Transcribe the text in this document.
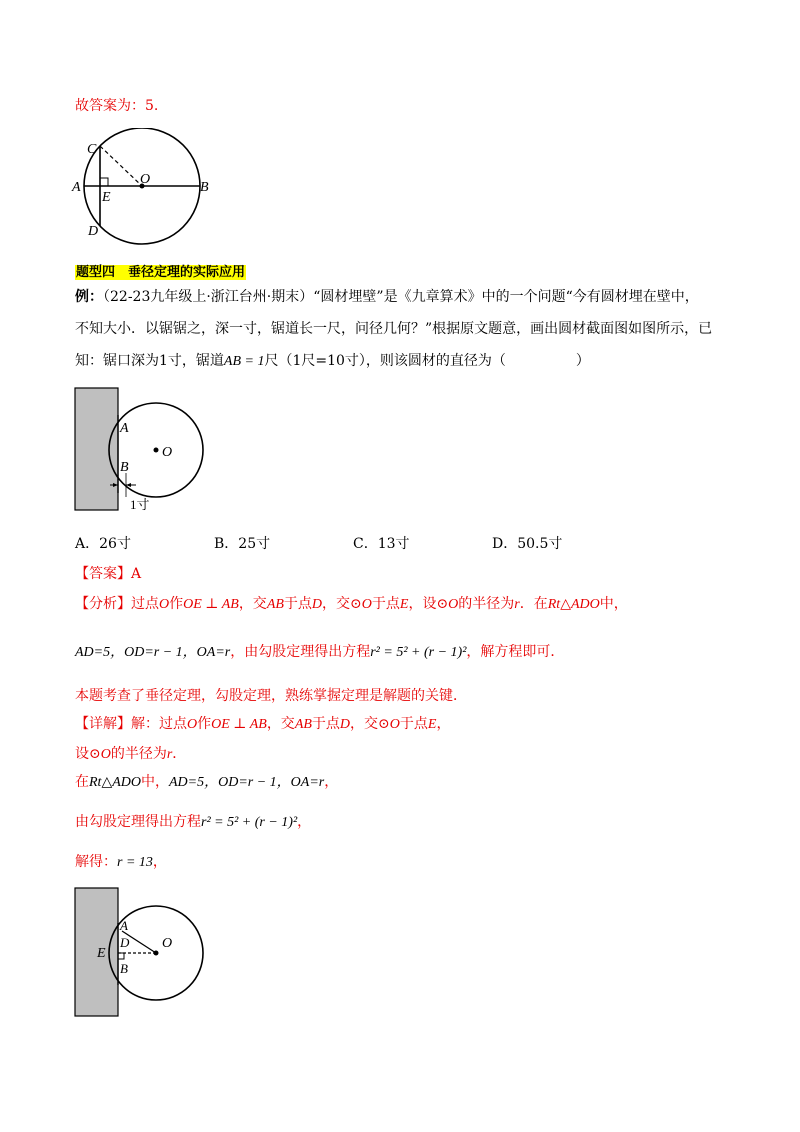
故答案为：5.
C
O
A	B
E
D
题型四　垂径定理的实际应用
例：（22-23九年级上·浙江台州·期末）“圆材埋壁”是《九章算术》中的一个问题“今有圆材埋在壁中，
不知大小．以锯锯之，深一寸，锯道长一尺，问径几何？”根据原文题意，画出圆材截面图如图所示，已
知：锯口深为1寸，锯道AB = 1尺（1尺=10寸），则该圆材的直径为（　　　　　）
A
O
B
1寸
A．26寸	B．25寸	C．13寸	D．50.5寸
【答案】A
【分析】过点O作OE ⊥ AB，交AB于点D，交⊙O于点E，设⊙O的半径为r．在Rt△ADO中，
AD=5，OD=r − 1，OA=r，由勾股定理得出方程r² = 5² + (r − 1)²，解方程即可．
本题考查了垂径定理，勾股定理，熟练掌握定理是解题的关键．
【详解】解：过点O作OE ⊥ AB，交AB于点D，交⊙O于点E，
设⊙O的半径为r．
在Rt△ADO中，AD=5，OD=r − 1，OA=r，
由勾股定理得出方程r² = 5² + (r − 1)²，
解得：r = 13，
A
O
E
D
B
